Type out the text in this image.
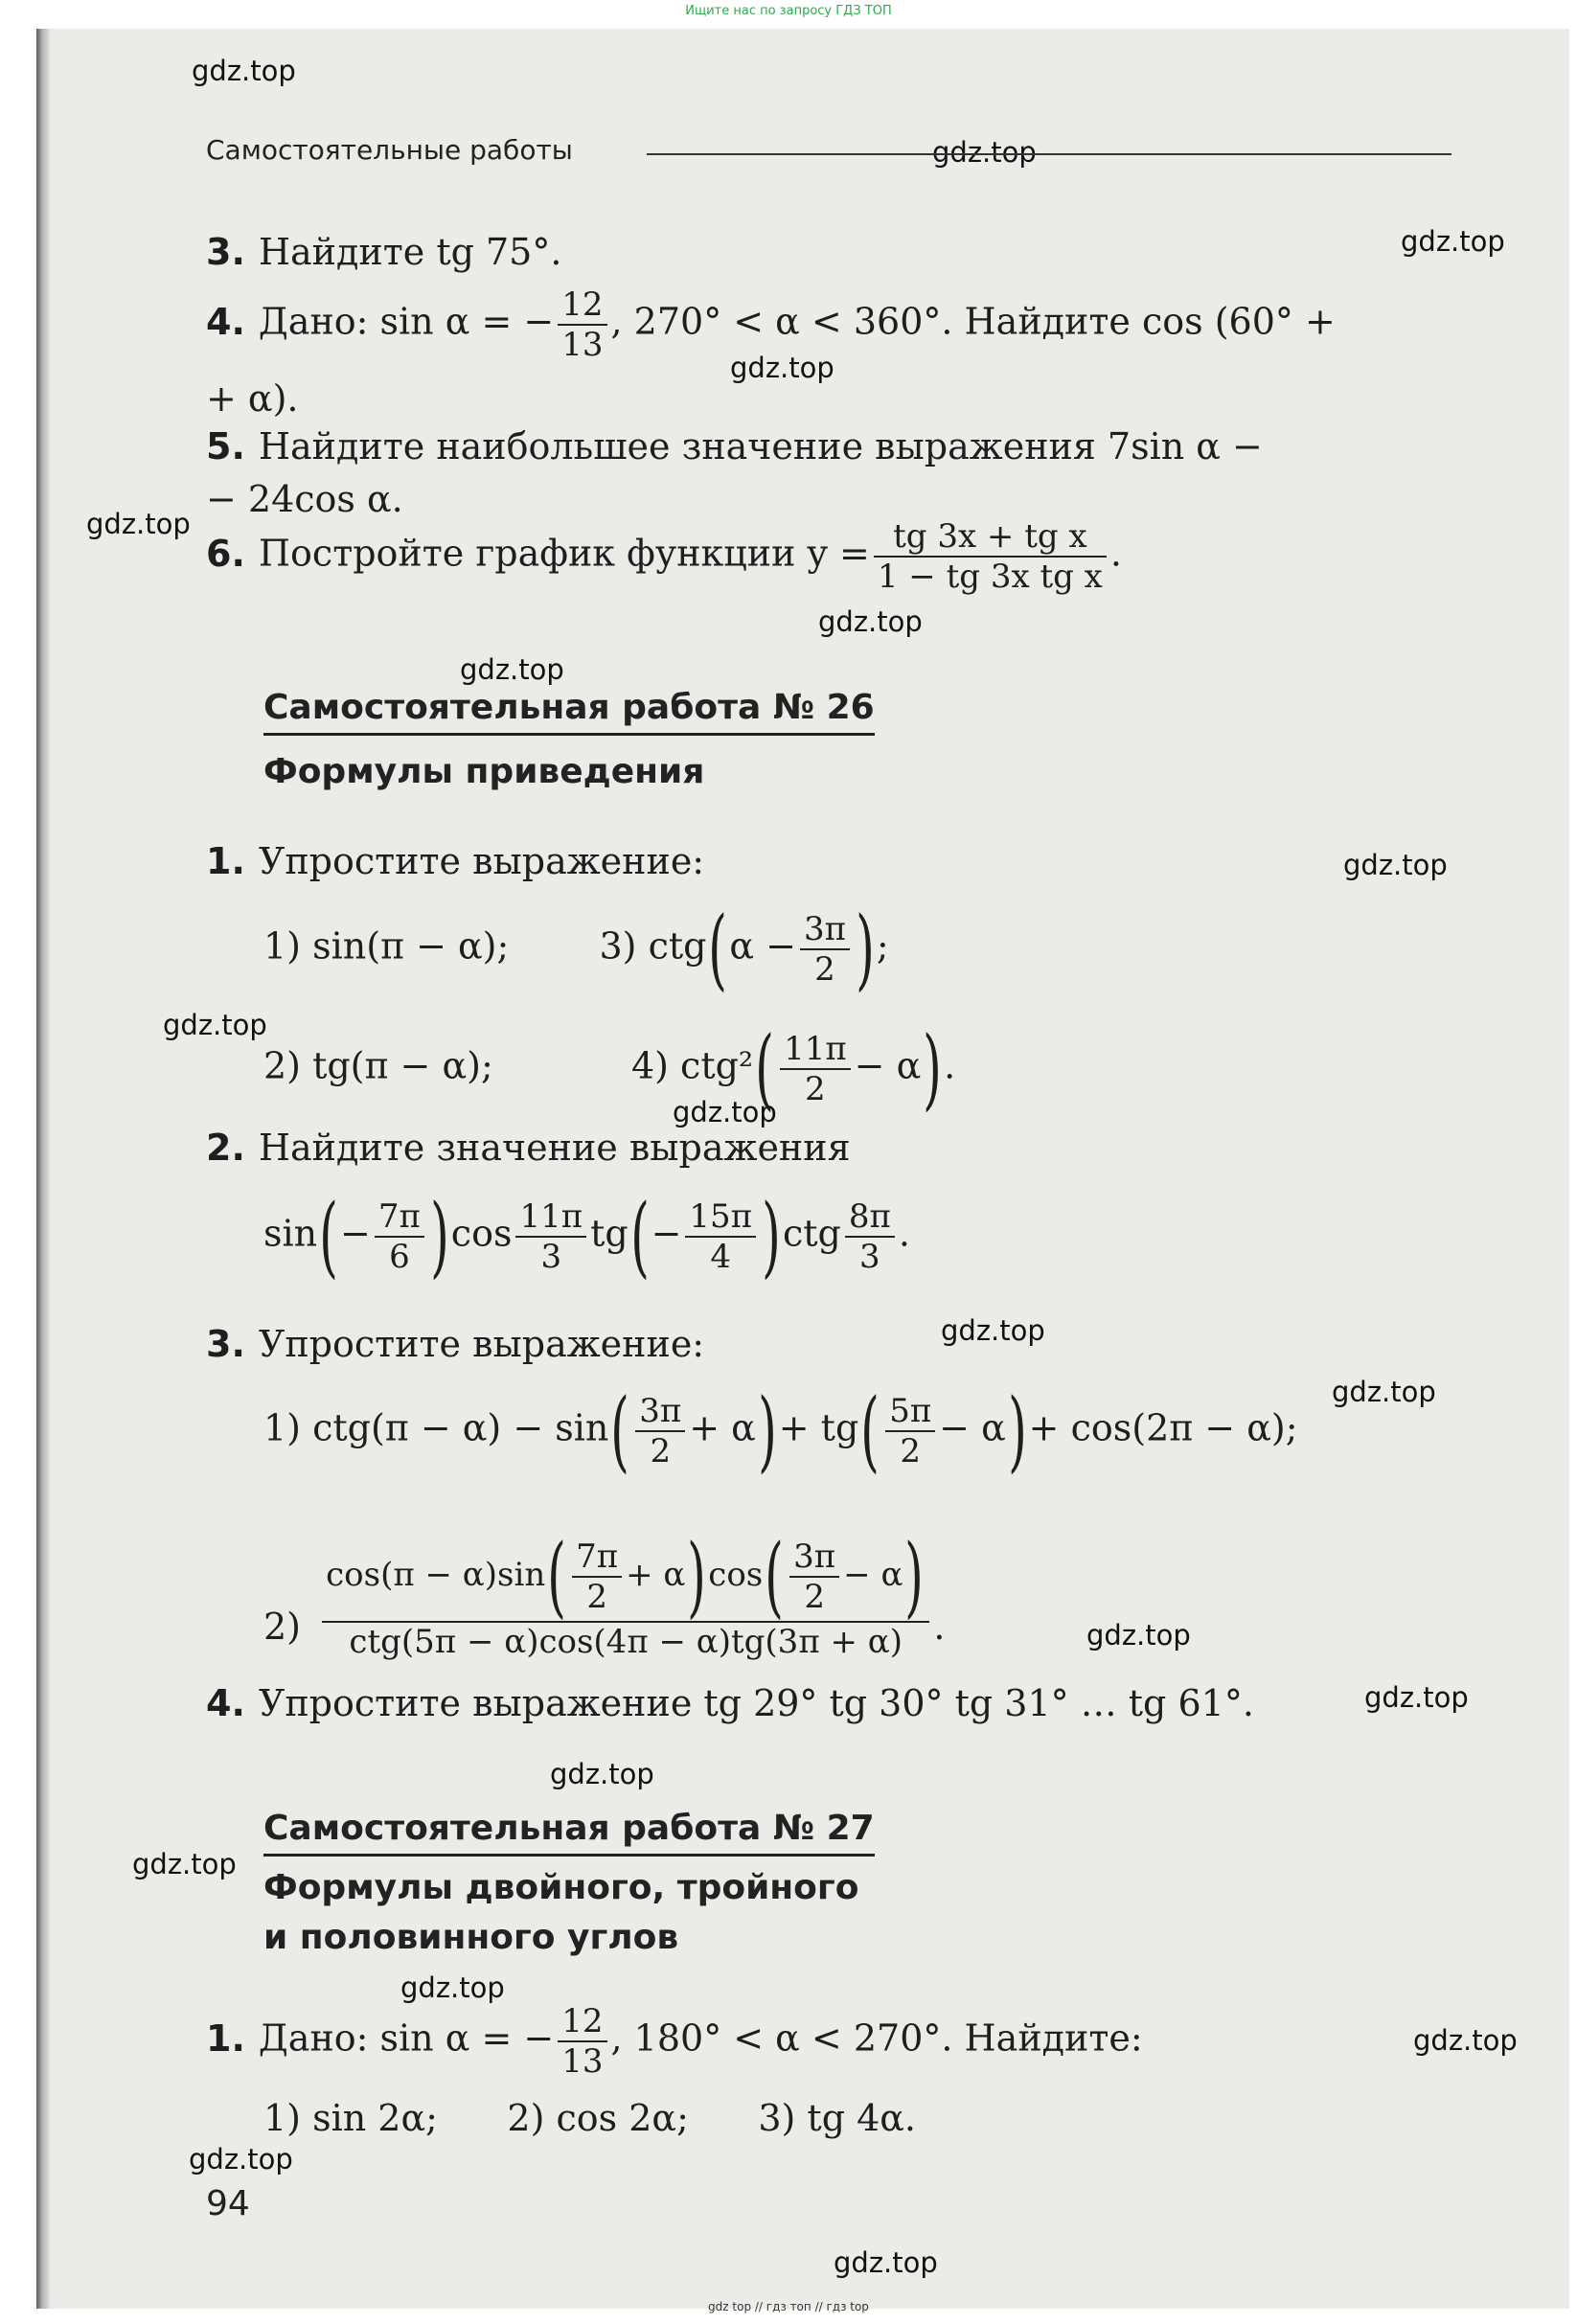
Ищите нас по запросу ГДЗ ТОП
gdz top // гдз топ // гдз top
gdz.top
gdz.top
gdz.top
gdz.top
gdz.top
gdz.top
gdz.top
gdz.top
gdz.top
gdz.top
gdz.top
gdz.top
gdz.top
gdz.top
gdz.top
gdz.top
gdz.top
gdz.top
gdz.top
gdz.top
Самостоятельные работы
3. Найдите tg 75°.
4. Дано: sin α = − $\frac{12}{13}$ , 270° < α < 360°. Найдите cos (60° +
+ α).
5. Найдите наибольшее значение выражения 7sin α −
− 24cos α.
6. Постройте график функции $y = \frac{\text{tg 3x + tg x}}{\text{1 − tg 3x tg x}}$ .
Самостоятельная работа № 26
Формулы приведения
1. Упростите выражение:
1) sin(π − α); 3) $ctg(\alpha - \frac{3\pi}{2}$ );
2) tg(π − α);	4) $ctg^2( \frac{11\pi}{2} - \alpha)$.
2. Найдите значение выражения
$\sin(- \frac{7\pi}{6} )\cos \frac{11\pi}{3} tg(- \frac{15\pi}{4} )ctg \frac{8\pi}{3}$ .
3. Упростите выражение:
1) $ctg(\pi - \alpha) - \sin( \frac{3\pi}{2} + \alpha)+ tg( \frac{5\pi}{2} - \alpha)+ \cos(2\pi - \alpha)$;
$2) \frac{\cos(\pi - \alpha)\sin( \frac{7\pi}{2} + \alpha)\cos( \frac{3\pi}{2} - \alpha)}{\text{ctg(5π − α)cos(4π − α)tg(3π + α)}}$ .
4. Упростите выражение tg 29° tg 30° tg 31° … tg 61°.
Самостоятельная работа № 27
Формулы двойного, тройного
и половинного углов
1. Дано: sin α = − $\frac{12}{13}$ , 180° < α < 270°. Найдите:
1) sin 2α;      2) cos 2α;      3) tg 4α.
94
